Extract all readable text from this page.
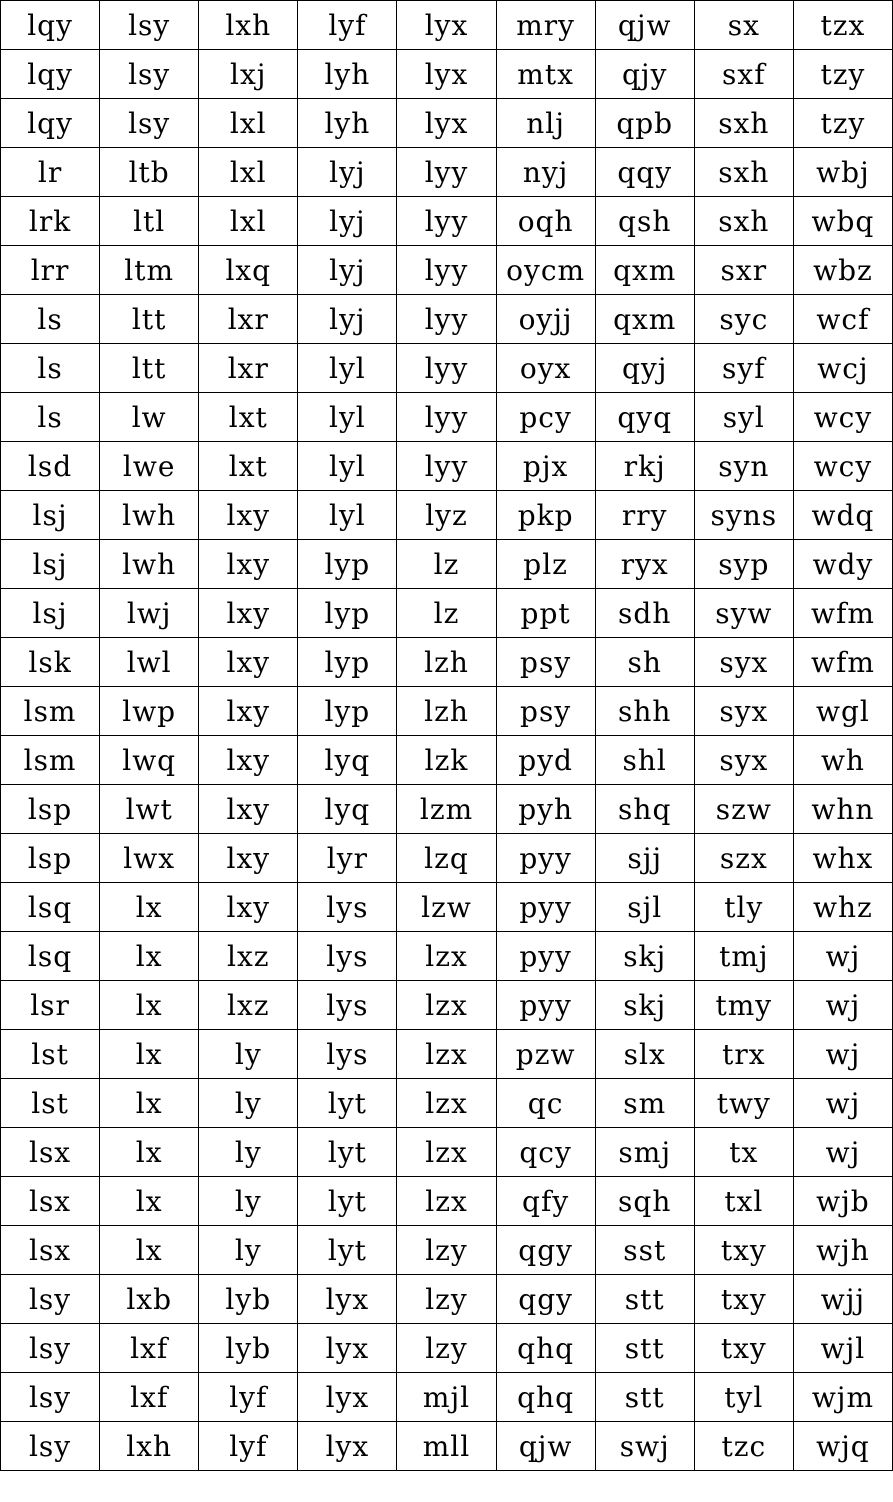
lqy	lsy	lxh	lyf	lyx	mry	qjw	sx	tzx
lqy	lsy	lxj	lyh	lyx	mtx	qjy	sxf	tzy
lqy	lsy	lxl	lyh	lyx	nlj	qpb	sxh	tzy
lr	ltb	lxl	lyj	lyy	nyj	qqy	sxh	wbj
lrk	ltl	lxl	lyj	lyy	oqh	qsh	sxh	wbq
lrr	ltm	lxq	lyj	lyy	oycm	qxm	sxr	wbz
ls	ltt	lxr	lyj	lyy	oyjj	qxm	syc	wcf
ls	ltt	lxr	lyl	lyy	oyx	qyj	syf	wcj
ls	lw	lxt	lyl	lyy	pcy	qyq	syl	wcy
lsd	lwe	lxt	lyl	lyy	pjx	rkj	syn	wcy
lsj	lwh	lxy	lyl	lyz	pkp	rry	syns	wdq
lsj	lwh	lxy	lyp	lz	plz	ryx	syp	wdy
lsj	lwj	lxy	lyp	lz	ppt	sdh	syw	wfm
lsk	lwl	lxy	lyp	lzh	psy	sh	syx	wfm
lsm	lwp	lxy	lyp	lzh	psy	shh	syx	wgl
lsm	lwq	lxy	lyq	lzk	pyd	shl	syx	wh
lsp	lwt	lxy	lyq	lzm	pyh	shq	szw	whn
lsp	lwx	lxy	lyr	lzq	pyy	sjj	szx	whx
lsq	lx	lxy	lys	lzw	pyy	sjl	tly	whz
lsq	lx	lxz	lys	lzx	pyy	skj	tmj	wj
lsr	lx	lxz	lys	lzx	pyy	skj	tmy	wj
lst	lx	ly	lys	lzx	pzw	slx	trx	wj
lst	lx	ly	lyt	lzx	qc	sm	twy	wj
lsx	lx	ly	lyt	lzx	qcy	smj	tx	wj
lsx	lx	ly	lyt	lzx	qfy	sqh	txl	wjb
lsx	lx	ly	lyt	lzy	qgy	sst	txy	wjh
lsy	lxb	lyb	lyx	lzy	qgy	stt	txy	wjj
lsy	lxf	lyb	lyx	lzy	qhq	stt	txy	wjl
lsy	lxf	lyf	lyx	mjl	qhq	stt	tyl	wjm
lsy	lxh	lyf	lyx	mll	qjw	swj	tzc	wjq
